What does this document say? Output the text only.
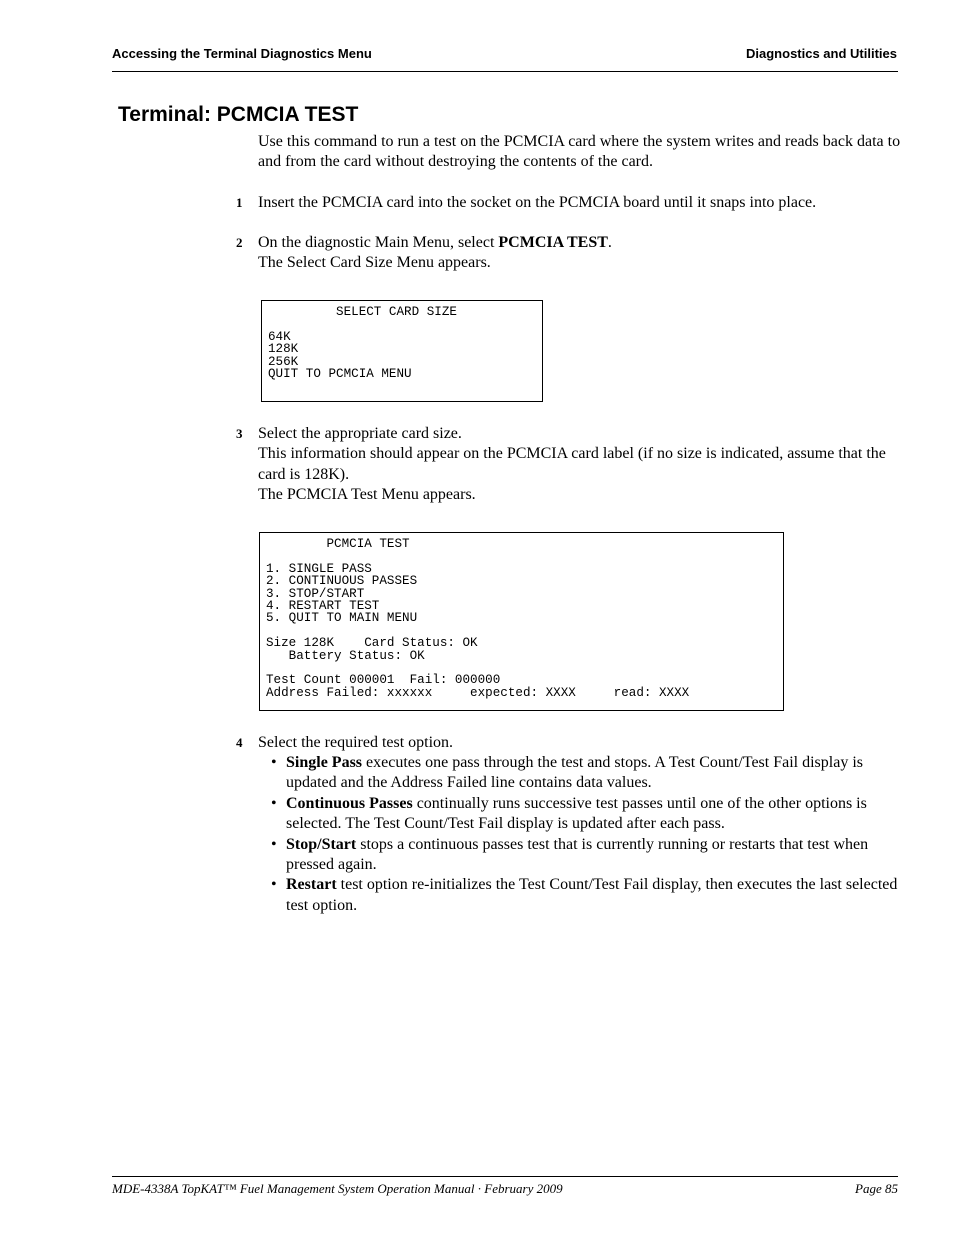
Accessing the Terminal Diagnostics Menu	Diagnostics and Utilities
Terminal: PCMCIA TEST

Use this command to run a test on the PCMCIA card where the system writes and reads back data to and from the card without destroying the contents of the card.

1 Insert the PCMCIA card into the socket on the PCMCIA board until it snaps into place.

2 On the diagnostic Main Menu, select PCMCIA TEST.

The Select Card Size Menu appears.

SELECT CARD SIZE

64K
128K
256K
QUIT TO PCMCIA MENU
3 Select the appropriate card size.

This information should appear on the PCMCIA card label (if no size is indicated, assume that the card is 128K).

The PCMCIA Test Menu appears.

PCMCIA TEST

1. SINGLE PASS
2. CONTINUOUS PASSES
3. STOP/START
4. RESTART TEST
5. QUIT TO MAIN MENU

Size 128K    Card Status: OK
Battery Status: OK

Test Count 000001  Fail: 000000
Address Failed: xxxxxx     expected: XXXX     read: XXXX
4 Select the required test option.

• Single Pass executes one pass through the test and stops. A Test Count/Test Fail display is updated and the Address Failed line contains data values.
• Continuous Passes continually runs successive test passes until one of the other options is selected. The Test Count/Test Fail display is updated after each pass.
• Stop/Start stops a continuous passes test that is currently running or restarts that test when pressed again.
• Restart test option re-initializes the Test Count/Test Fail display, then executes the last selected test option.
MDE-4338A TopKAT™ Fuel Management System Operation Manual · February 2009	Page 85
